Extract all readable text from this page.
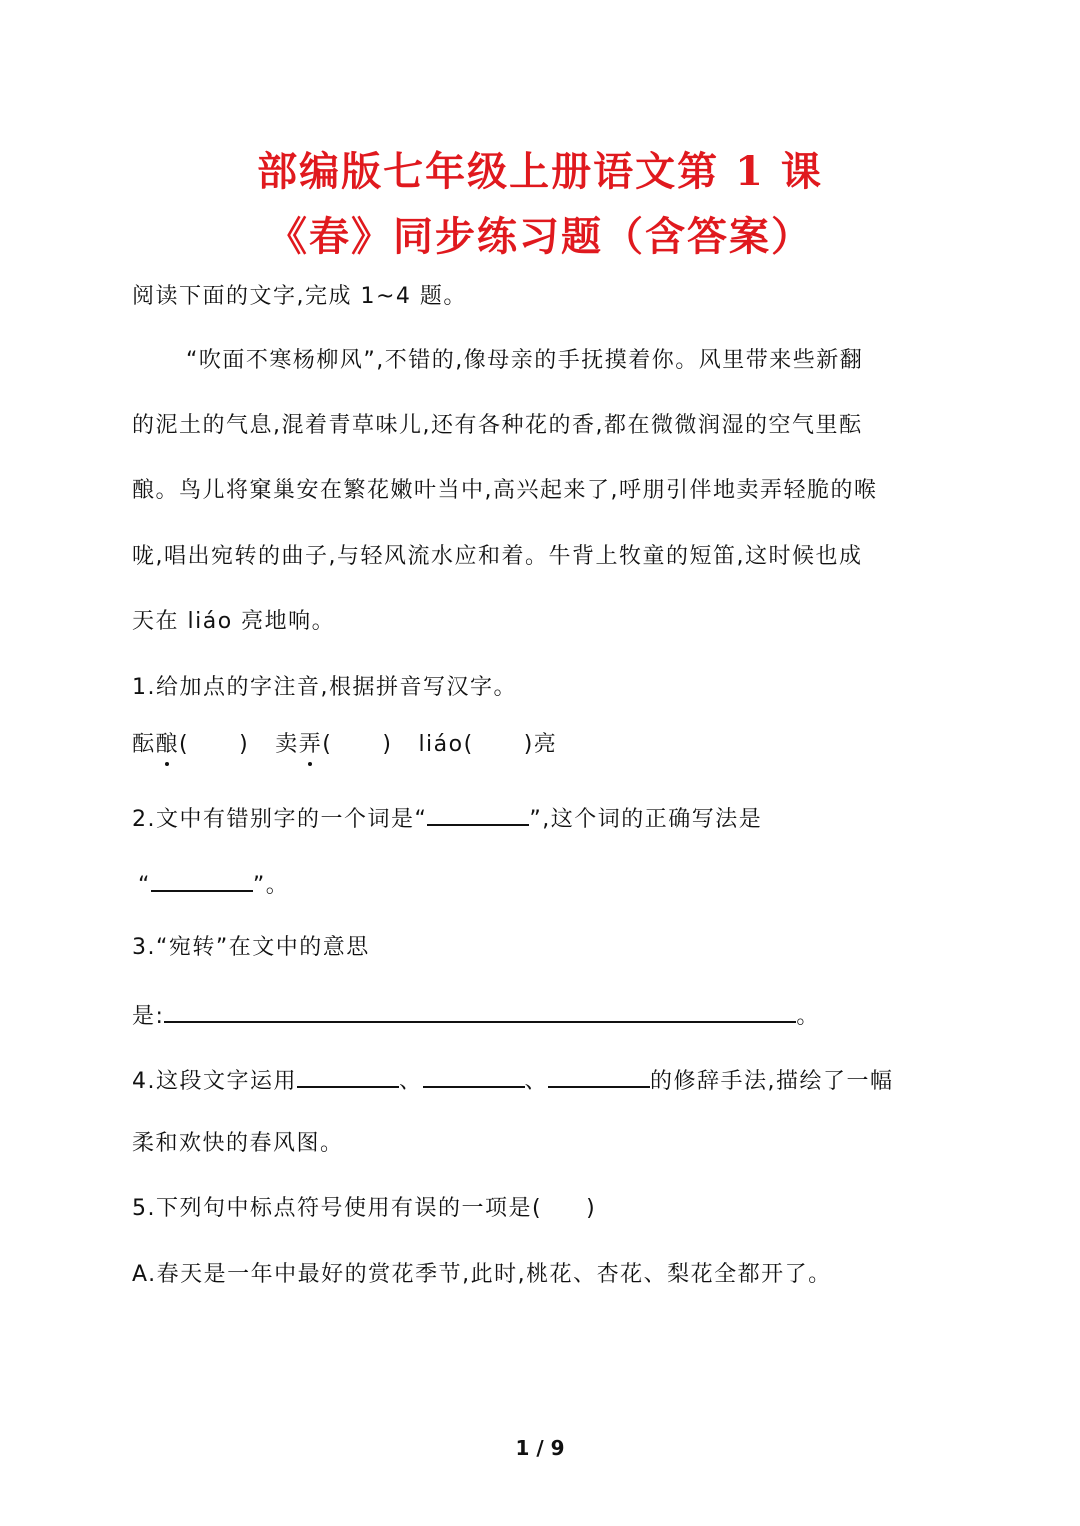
部编版七年级上册语文第 1 课
《春》同步练习题（含答案）
阅读下面的文字,完成 1~4 题。
“吹面不寒杨柳风”,不错的,像母亲的手抚摸着你。风里带来些新翻
的泥土的气息,混着青草味儿,还有各种花的香,都在微微润湿的空气里酝
酿。鸟儿将窠巢安在繁花嫩叶当中,高兴起来了,呼朋引伴地卖弄轻脆的喉
咙,唱出宛转的曲子,与轻风流水应和着。牛背上牧童的短笛,这时候也成
天在 liáo 亮地响。
1.给加点的字注音,根据拼音写汉字。
酝酿( ) 卖弄( ) liáo( )亮
2.文中有错别字的一个词是“	”,这个词的正确写法是
“	”。
3.“宛转”在文中的意思
是:	。
4.这段文字运用	、	、	的修辞手法,描绘了一幅
柔和欢快的春风图。
5.下列句中标点符号使用有误的一项是( )
A.春天是一年中最好的赏花季节,此时,桃花、杏花、梨花全都开了。
1 / 9
